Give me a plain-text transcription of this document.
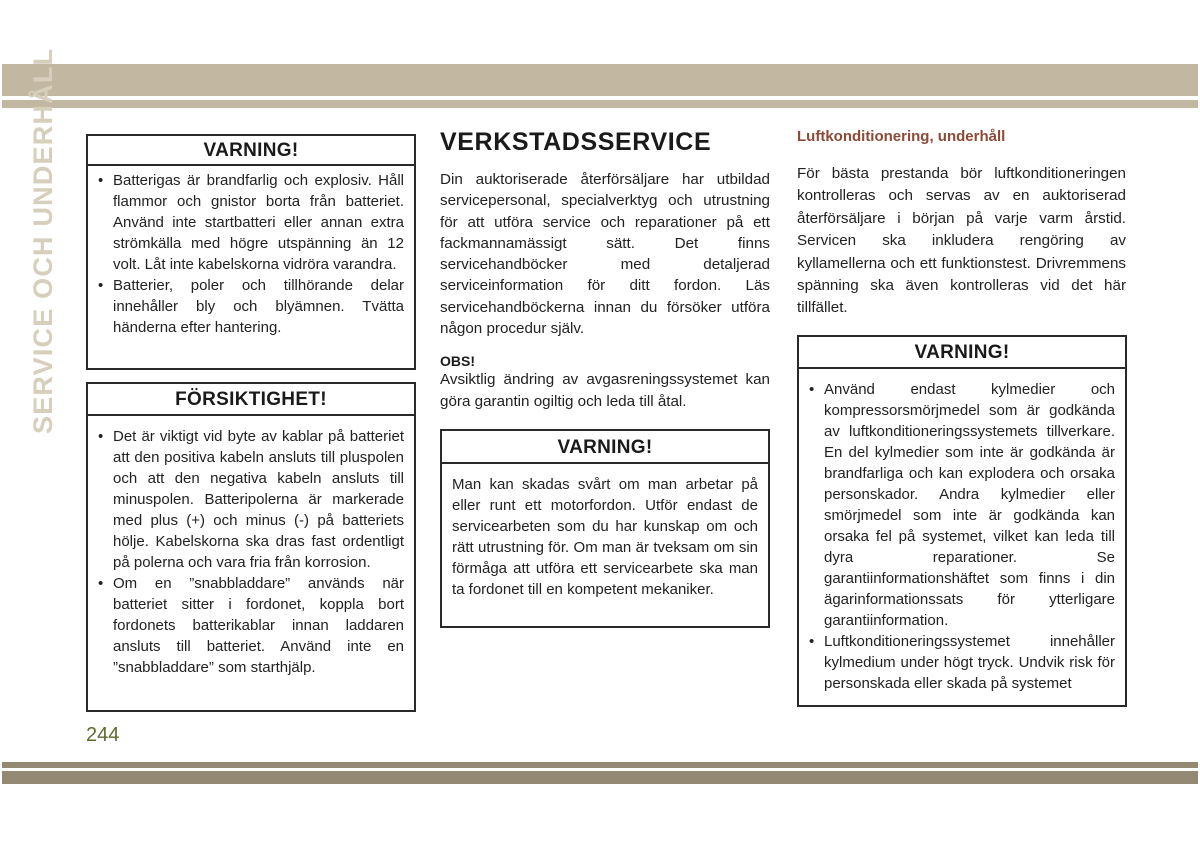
SERVICE OCH UNDERHÅLL	VARNING!
• Batterigas är brandfarlig och explosiv. Håll flammor och gnistor borta från batteriet. Använd inte startbatteri eller annan extra strömkälla med högre utspänning än 12 volt. Låt inte kabelskorna vidröra varandra.
• Batterier, poler och tillhörande delar innehåller bly och blyämnen. Tvätta händerna efter hantering.
FÖRSIKTIGHET!
• Det är viktigt vid byte av kablar på batteriet att den positiva kabeln ansluts till pluspolen och att den negativa kabeln ansluts till minuspolen. Batteripolerna är markerade med plus (+) och minus (-) på batteriets hölje. Kabelskorna ska dras fast ordentligt på polerna och vara fria från korrosion.
• Om en ”snabbladdare” används när batteriet sitter i fordonet, koppla bort fordonets batterikablar innan laddaren ansluts till batteriet. Använd inte en ”snabbladdare” som starthjälp.
VERKSTADSSERVICE
Din auktoriserade återförsäljare har utbildad servicepersonal, specialverktyg och utrustning för att utföra service och reparationer på ett fackmannamässigt sätt. Det finns servicehandböcker med detaljerad serviceinformation för ditt fordon. Läs servicehandböckerna innan du försöker utföra någon procedur själv.
OBS!
Avsiktlig ändring av avgasreningssystemet kan göra garantin ogiltig och leda till åtal.
VARNING!
Man kan skadas svårt om man arbetar på eller runt ett motorfordon. Utför endast de servicearbeten som du har kunskap om och rätt utrustning för. Om man är tveksam om sin förmåga att utföra ett servicearbete ska man ta fordonet till en kompetent mekaniker.
Luftkonditionering, underhåll
För bästa prestanda bör luftkonditioneringen kontrolleras och servas av en auktoriserad återförsäljare i början på varje varm årstid. Servicen ska inkludera rengöring av kyllamellerna och ett funktionstest. Drivremmens spänning ska även kontrolleras vid det här tillfället.
VARNING!
• Använd endast kylmedier och kompressorsmörjmedel som är godkända av luftkonditioneringssystemets tillverkare. En del kylmedier som inte är godkända är brandfarliga och kan explodera och orsaka personskador. Andra kylmedier eller smörjmedel som inte är godkända kan orsaka fel på systemet, vilket kan leda till dyra reparationer. Se garantiinformationshäftet som finns i din ägarinformationssats för ytterligare garantiinformation.
• Luftkonditioneringssystemet innehåller kylmedium under högt tryck. Undvik risk för personskada eller skada på systemet
244
